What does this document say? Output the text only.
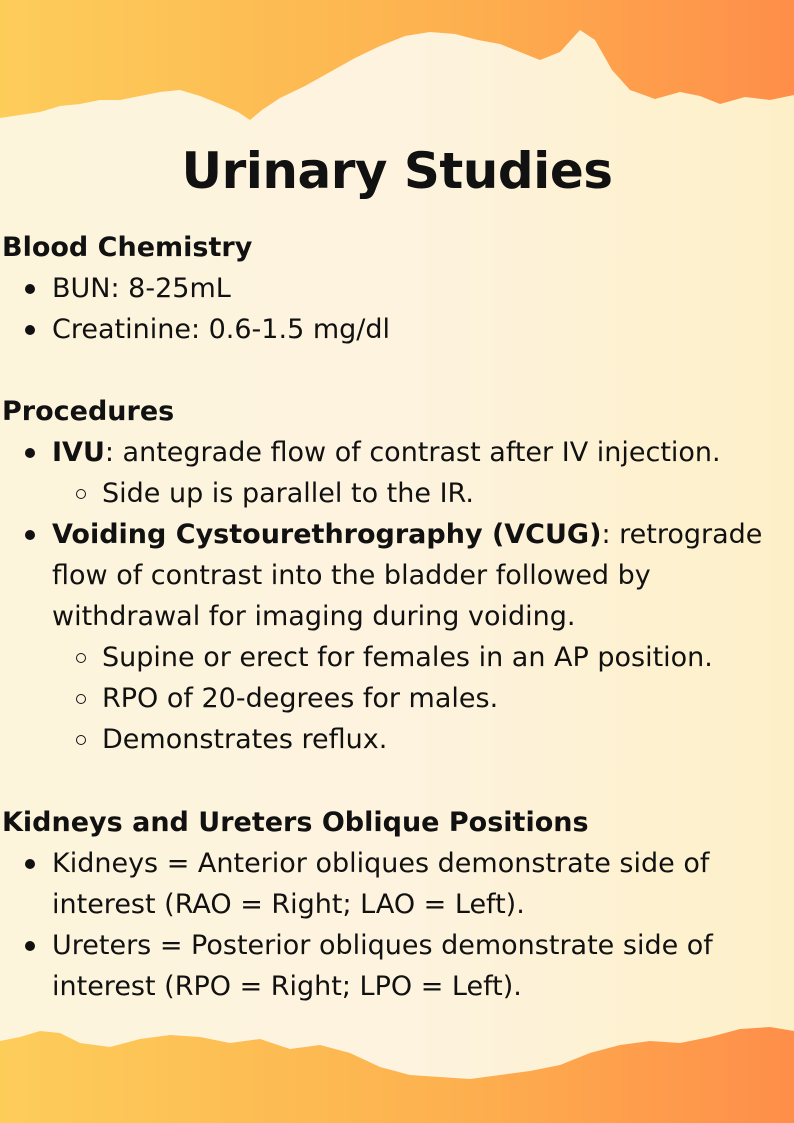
Urinary Studies

Blood Chemistry

BUN: 8-25mL
Creatinine: 0.6-1.5 mg/dl

Procedures

IVU: antegrade flow of contrast after IV injection.
Side up is parallel to the IR.
Voiding Cystourethrography (VCUG): retrograde flow of contrast into the bladder followed by withdrawal for imaging during voiding.
Supine or erect for females in an AP position.
RPO of 20-degrees for males.
Demonstrates reflux.

Kidneys and Ureters Oblique Positions

Kidneys = Anterior obliques demonstrate side of interest (RAO = Right; LAO = Left).
Ureters = Posterior obliques demonstrate side of interest (RPO = Right; LPO = Left).
